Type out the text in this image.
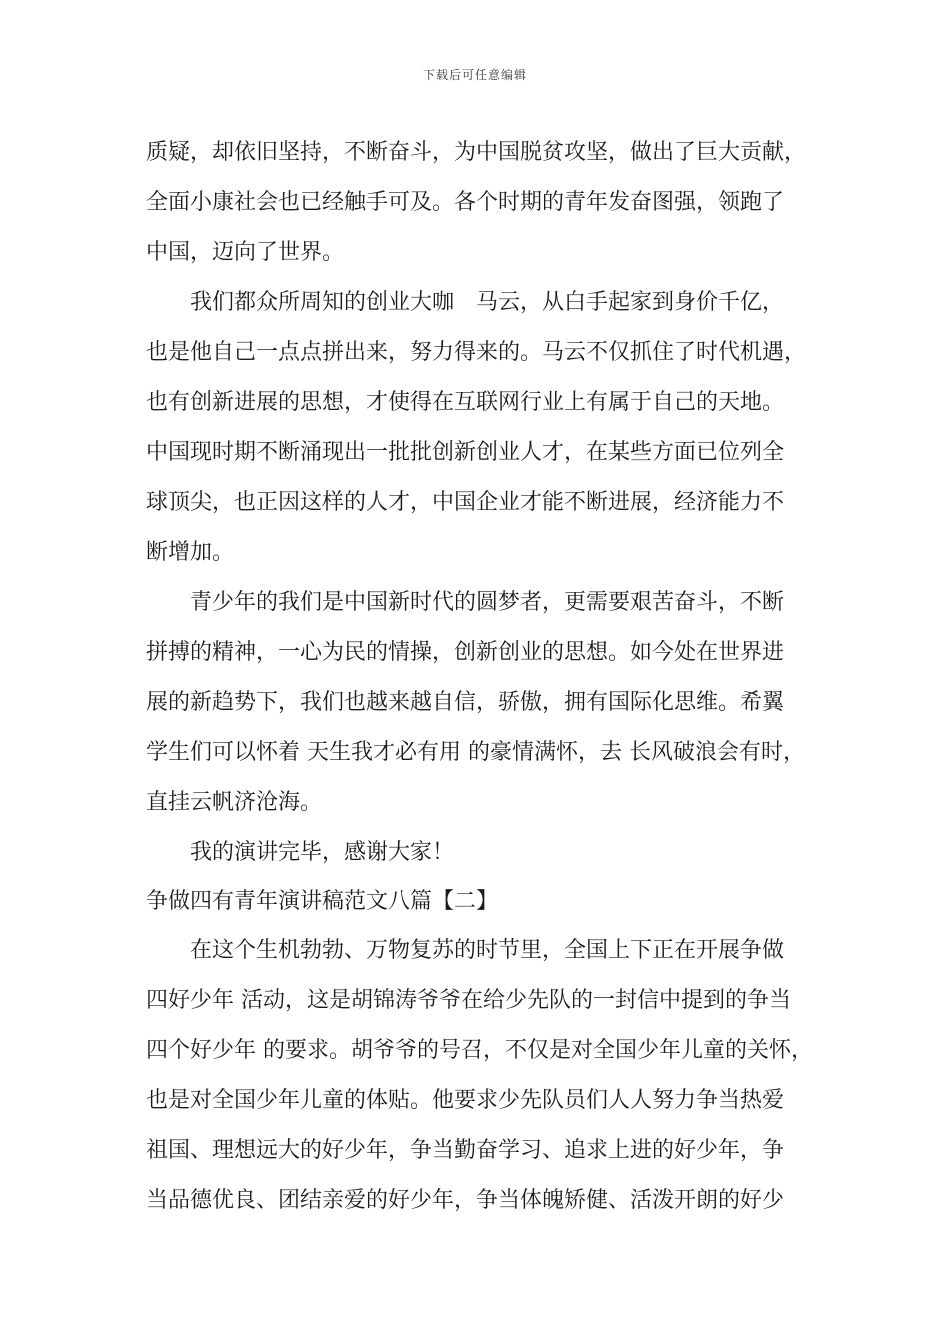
下载后可任意编辑
质疑，却依旧坚持，不断奋斗，为中国脱贫攻坚，做出了巨大贡献，
全面小康社会也已经触手可及。各个时期的青年发奋图强，领跑了
中国，迈向了世界。
我们都众所周知的创业大咖　马云，从白手起家到身价千亿，
也是他自己一点点拼出来，努力得来的。马云不仅抓住了时代机遇，
也有创新进展的思想，才使得在互联网行业上有属于自己的天地。
中国现时期不断涌现出一批批创新创业人才，在某些方面已位列全
球顶尖，也正因这样的人才，中国企业才能不断进展，经济能力不
断增加。
青少年的我们是中国新时代的圆梦者，更需要艰苦奋斗，不断
拼搏的精神，一心为民的情操，创新创业的思想。如今处在世界进
展的新趋势下，我们也越来越自信，骄傲，拥有国际化思维。希翼
学生们可以怀着 天生我才必有用 的豪情满怀，去 长风破浪会有时，
直挂云帆济沧海。
我的演讲完毕，感谢大家！
争做四有青年演讲稿范文八篇【二】
在这个生机勃勃、万物复苏的时节里，全国上下正在开展争做
四好少年 活动，这是胡锦涛爷爷在给少先队的一封信中提到的争当
四个好少年 的要求。胡爷爷的号召，不仅是对全国少年儿童的关怀，
也是对全国少年儿童的体贴。他要求少先队员们人人努力争当热爱
祖国、理想远大的好少年，争当勤奋学习、追求上进的好少年，争
当品德优良、团结亲爱的好少年，争当体魄矫健、活泼开朗的好少
